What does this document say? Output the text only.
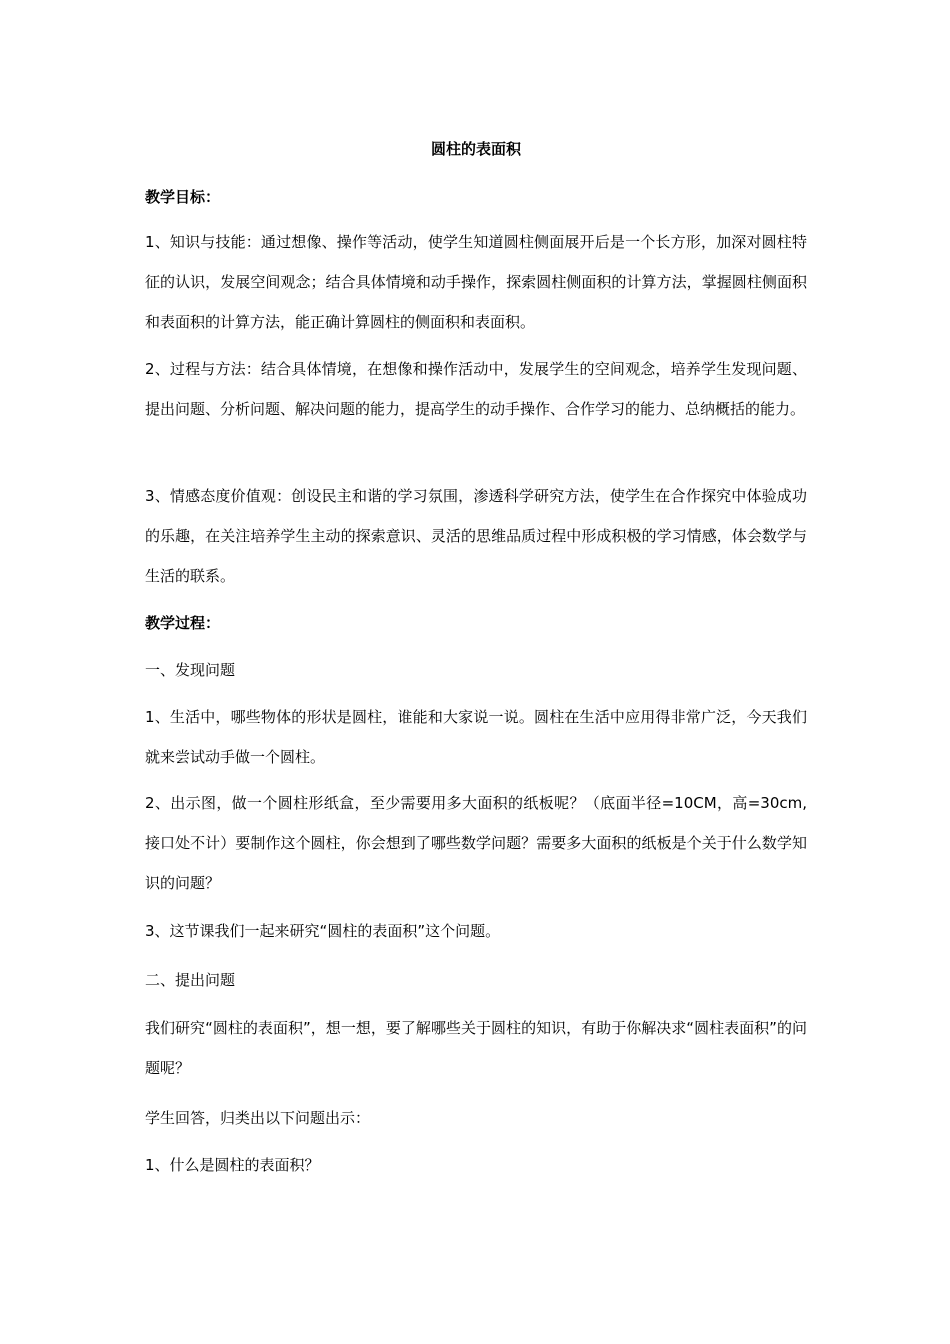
圆柱的表面积

教学目标：

1、知识与技能：通过想像、操作等活动，使学生知道圆柱侧面展开后是一个长方形，加深对圆柱特征的认识，发展空间观念；结合具体情境和动手操作，探索圆柱侧面积的计算方法，掌握圆柱侧面积和表面积的计算方法，能正确计算圆柱的侧面积和表面积。

2、过程与方法：结合具体情境，在想像和操作活动中，发展学生的空间观念，培养学生发现问题、提出问题、分析问题、解决问题的能力，提高学生的动手操作、合作学习的能力、总纳概括的能力。

3、情感态度价值观：创设民主和谐的学习氛围，渗透科学研究方法，使学生在合作探究中体验成功的乐趣，在关注培养学生主动的探索意识、灵活的思维品质过程中形成积极的学习情感，体会数学与生活的联系。

教学过程：

一、发现问题

1、生活中，哪些物体的形状是圆柱，谁能和大家说一说。圆柱在生活中应用得非常广泛，今天我们就来尝试动手做一个圆柱。

2、出示图，做一个圆柱形纸盒，至少需要用多大面积的纸板呢？（底面半径=10CM，高=30cm,接口处不计）要制作这个圆柱，你会想到了哪些数学问题？需要多大面积的纸板是个关于什么数学知识的问题？

3、这节课我们一起来研究“圆柱的表面积”这个问题。

二、提出问题

我们研究“圆柱的表面积”，想一想，要了解哪些关于圆柱的知识，有助于你解决求“圆柱表面积”的问题呢？

学生回答，归类出以下问题出示：

1、什么是圆柱的表面积？
